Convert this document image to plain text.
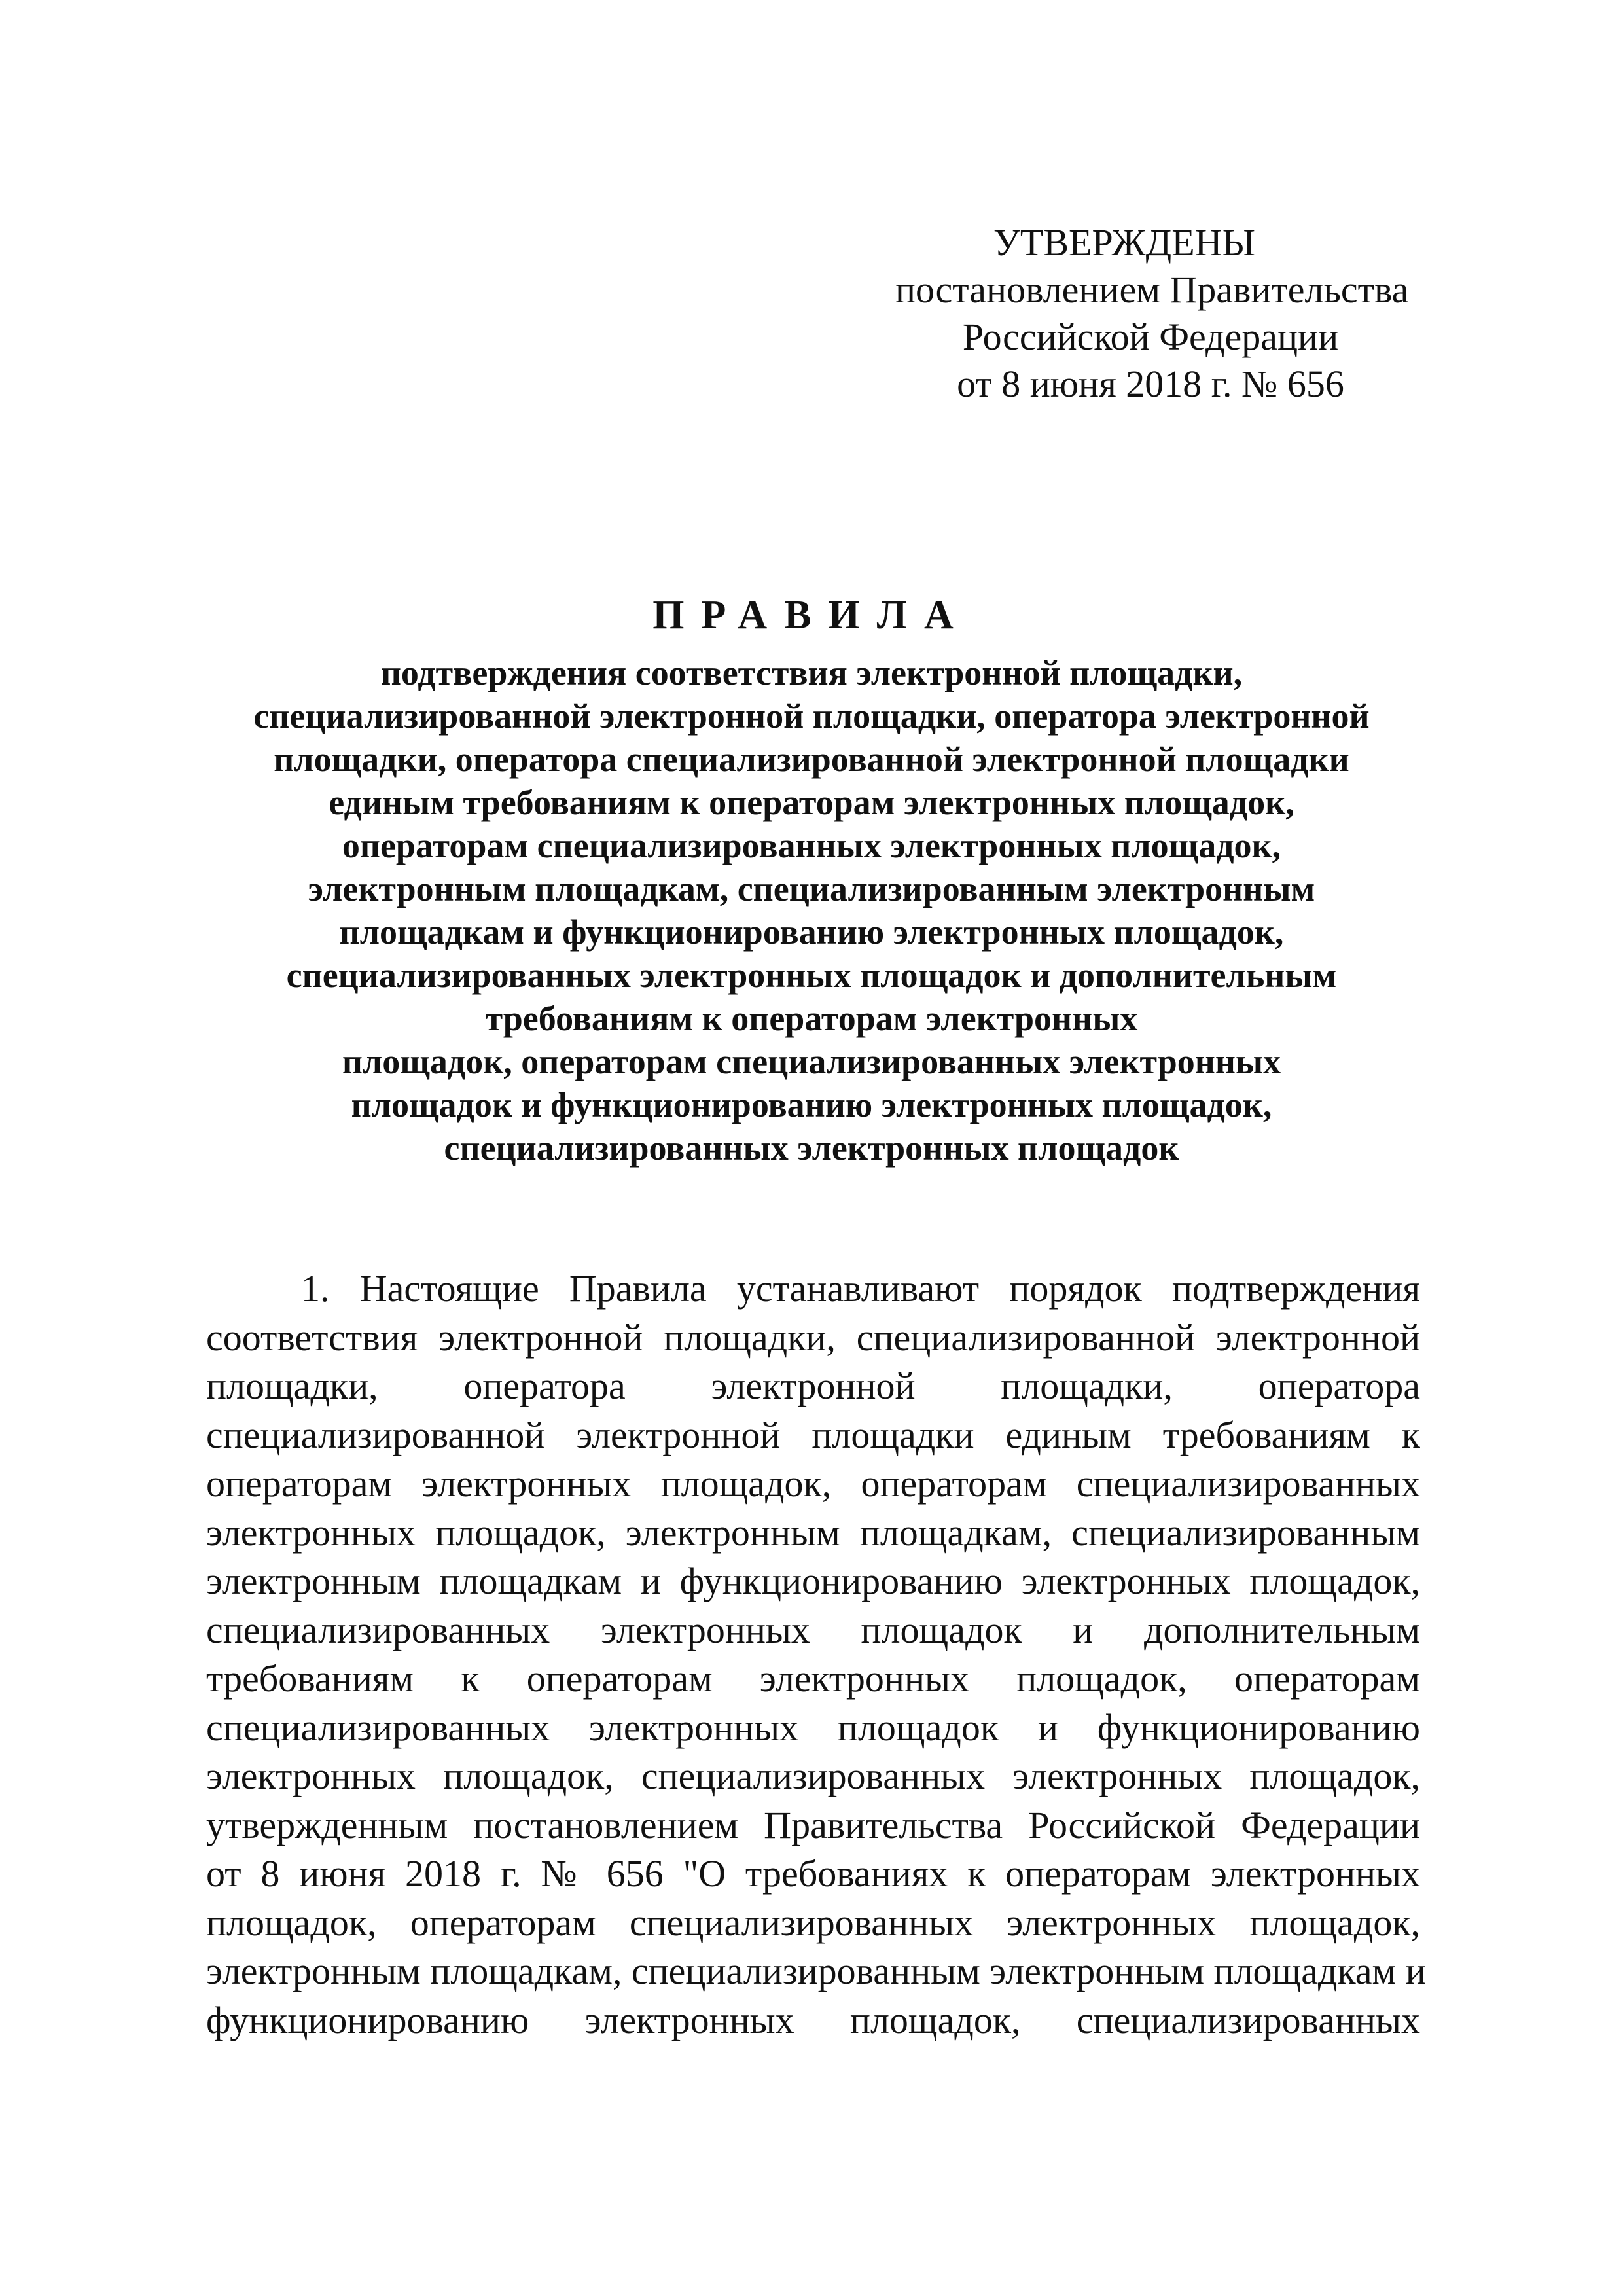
УТВЕРЖДЕНЫ
постановлением Правительства
Российской Федерации
от 8 июня 2018 г. № 656
ПРАВИЛА
подтверждения соответствия электронной площадки,
специализированной электронной площадки, оператора электронной
площадки, оператора специализированной электронной площадки
единым требованиям к операторам электронных площадок,
операторам специализированных электронных площадок,
электронным площадкам, специализированным электронным
площадкам и функционированию электронных площадок,
специализированных электронных площадок и дополнительным
требованиям к операторам электронных
площадок, операторам специализированных электронных
площадок и функционированию электронных площадок,
специализированных электронных площадок
1. Настоящие Правила устанавливают порядок подтверждения
соответствия электронной площадки, специализированной электронной
площадки, оператора электронной площадки, оператора
специализированной электронной площадки единым требованиям к
операторам электронных площадок, операторам специализированных
электронных площадок, электронным площадкам, специализированным
электронным площадкам и функционированию электронных площадок,
специализированных электронных площадок и дополнительным
требованиям к операторам электронных площадок, операторам
специализированных электронных площадок и функционированию
электронных площадок, специализированных электронных площадок,
утвержденным постановлением Правительства Российской Федерации
от 8 июня 2018 г. № 656 "О требованиях к операторам электронных
площадок, операторам специализированных электронных площадок,
электронным площадкам, специализированным электронным площадкам и
функционированию электронных площадок, специализированных
